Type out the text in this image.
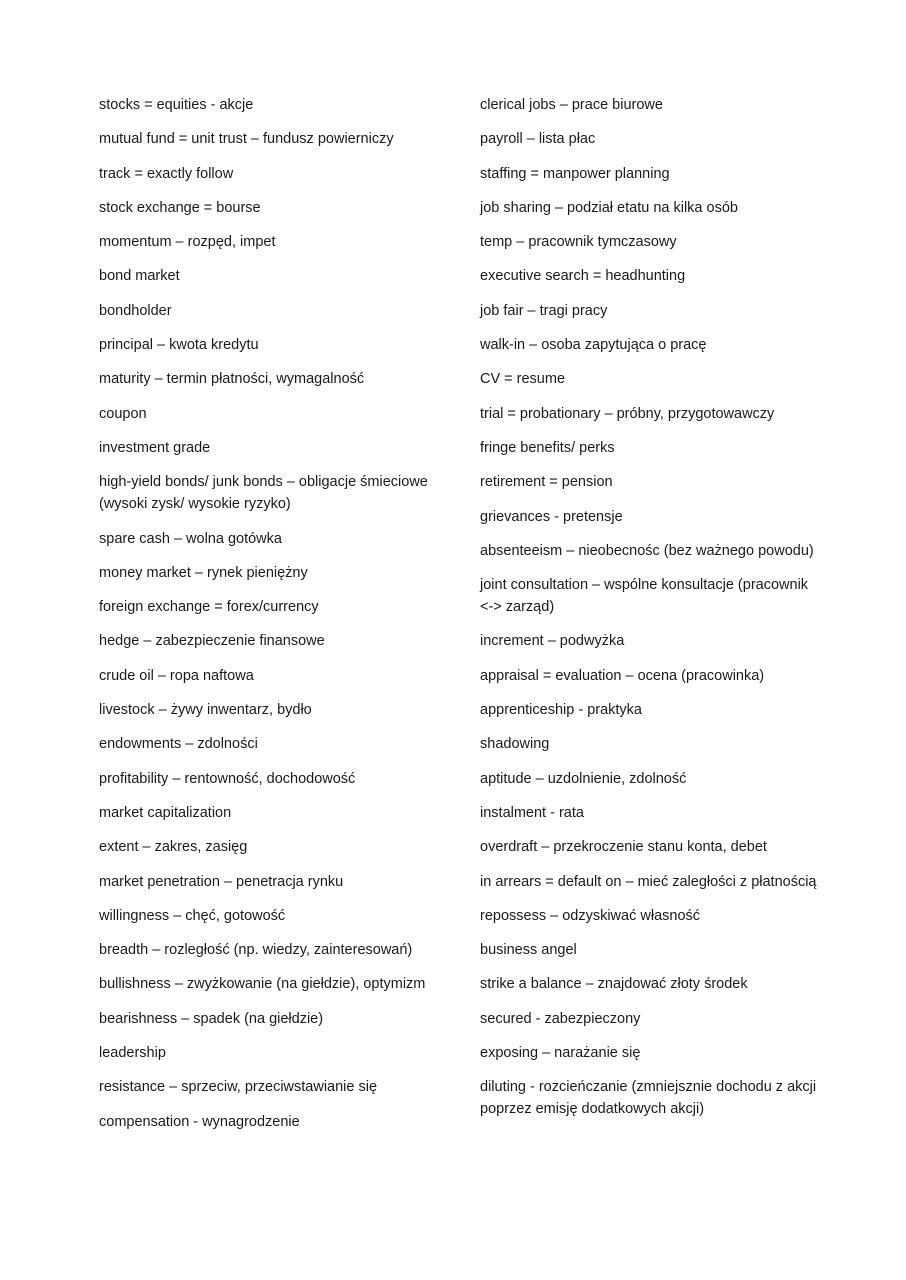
stocks = equities - akcje
mutual fund = unit trust – fundusz powierniczy
track = exactly follow
stock exchange = bourse
momentum – rozpęd, impet
bond market
bondholder
principal – kwota kredytu
maturity – termin płatności, wymagalność
coupon
investment grade
high-yield bonds/ junk bonds – obligacje śmieciowe (wysoki zysk/ wysokie ryzyko)
spare cash – wolna gotówka
money market – rynek pieniężny
foreign exchange = forex/currency
hedge – zabezpieczenie finansowe
crude oil – ropa naftowa
livestock – żywy inwentarz, bydło
endowments – zdolności
profitability – rentowność, dochodowość
market capitalization
extent – zakres, zasięg
market penetration – penetracja rynku
willingness – chęć, gotowość
breadth – rozległość (np. wiedzy, zainteresowań)
bullishness – zwyżkowanie (na giełdzie), optymizm
bearishness – spadek (na giełdzie)
leadership
resistance – sprzeciw, przeciwstawianie się
compensation - wynagrodzenie
clerical jobs – prace biurowe
payroll – lista płac
staffing = manpower planning
job sharing – podział etatu na kilka osób
temp – pracownik tymczasowy
executive search = headhunting
job fair – tragi pracy
walk-in – osoba zapytująca o pracę
CV = resume
trial = probationary – próbny, przygotowawczy
fringe benefits/ perks
retirement = pension
grievances - pretensje
absenteeism – nieobecnośc (bez ważnego powodu)
joint consultation – wspólne konsultacje (pracownik <-> zarząd)
increment – podwyżka
appraisal = evaluation – ocena (pracowinka)
apprenticeship - praktyka
shadowing
aptitude – uzdolnienie, zdolność
instalment - rata
overdraft – przekroczenie stanu konta, debet
in arrears = default on – mieć zaległości z płatnością
repossess – odzyskiwać własność
business angel
strike a balance – znajdować złoty środek
secured - zabezpieczony
exposing – narażanie się
diluting - rozcieńczanie (zmniejsznie dochodu z akcji poprzez emisję dodatkowych akcji)
